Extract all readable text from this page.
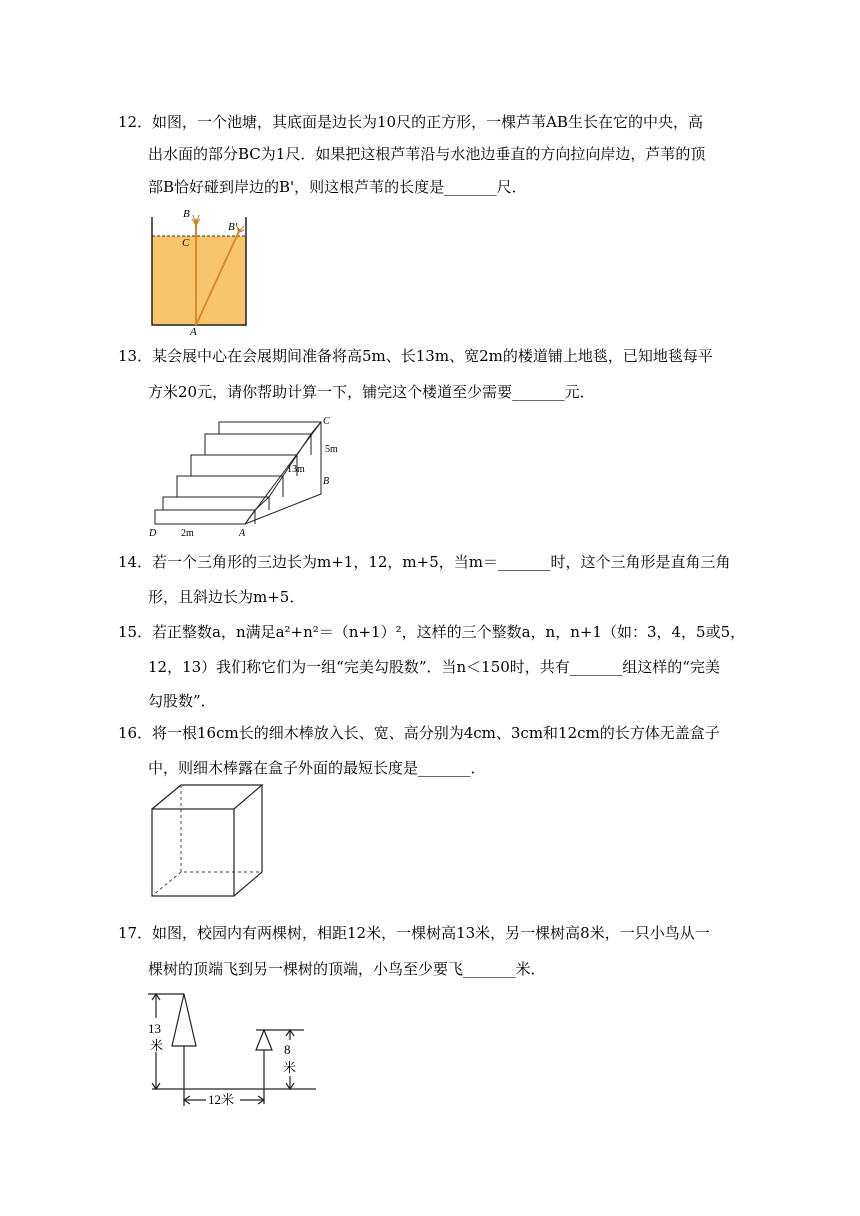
12． 如图，一个池塘，其底面是边长为10尺的正方形，一棵芦苇AB生长在它的中央，高
出水面的部分BC为1尺．如果把这根芦苇沿与水池边垂直的方向拉向岸边，芦苇的顶
部B恰好碰到岸边的B'，则这根芦苇的长度是_______尺．
B
C
B'
A
13． 某会展中心在会展期间准备将高5m、长13m、宽2m的楼道铺上地毯，已知地毯每平
方米20元，请你帮助计算一下，铺完这个楼道至少需要_______元．
C
5m
13m
B
D 2m	A
14． 若一个三角形的三边长为m+1，12，m+5，当m＝_______时，这个三角形是直角三角
形，且斜边长为m+5．
15． 若正整数a，n满足a²+n²＝（n+1）²，这样的三个整数a，n，n+1（如：3，4，5或5，
12，13）我们称它们为一组“完美勾股数”．当n＜150时，共有_______组这样的“完美
勾股数”．
16． 将一根16cm长的细木棒放入长、宽、高分别为4cm、3cm和12cm的长方体无盖盒子
中，则细木棒露在盒子外面的最短长度是_______．
17． 如图，校园内有两棵树，相距12米，一棵树高13米，另一棵树高8米，一只小鸟从一
棵树的顶端飞到另一棵树的顶端，小鸟至少要飞_______米．
13
米	8
米
12米
